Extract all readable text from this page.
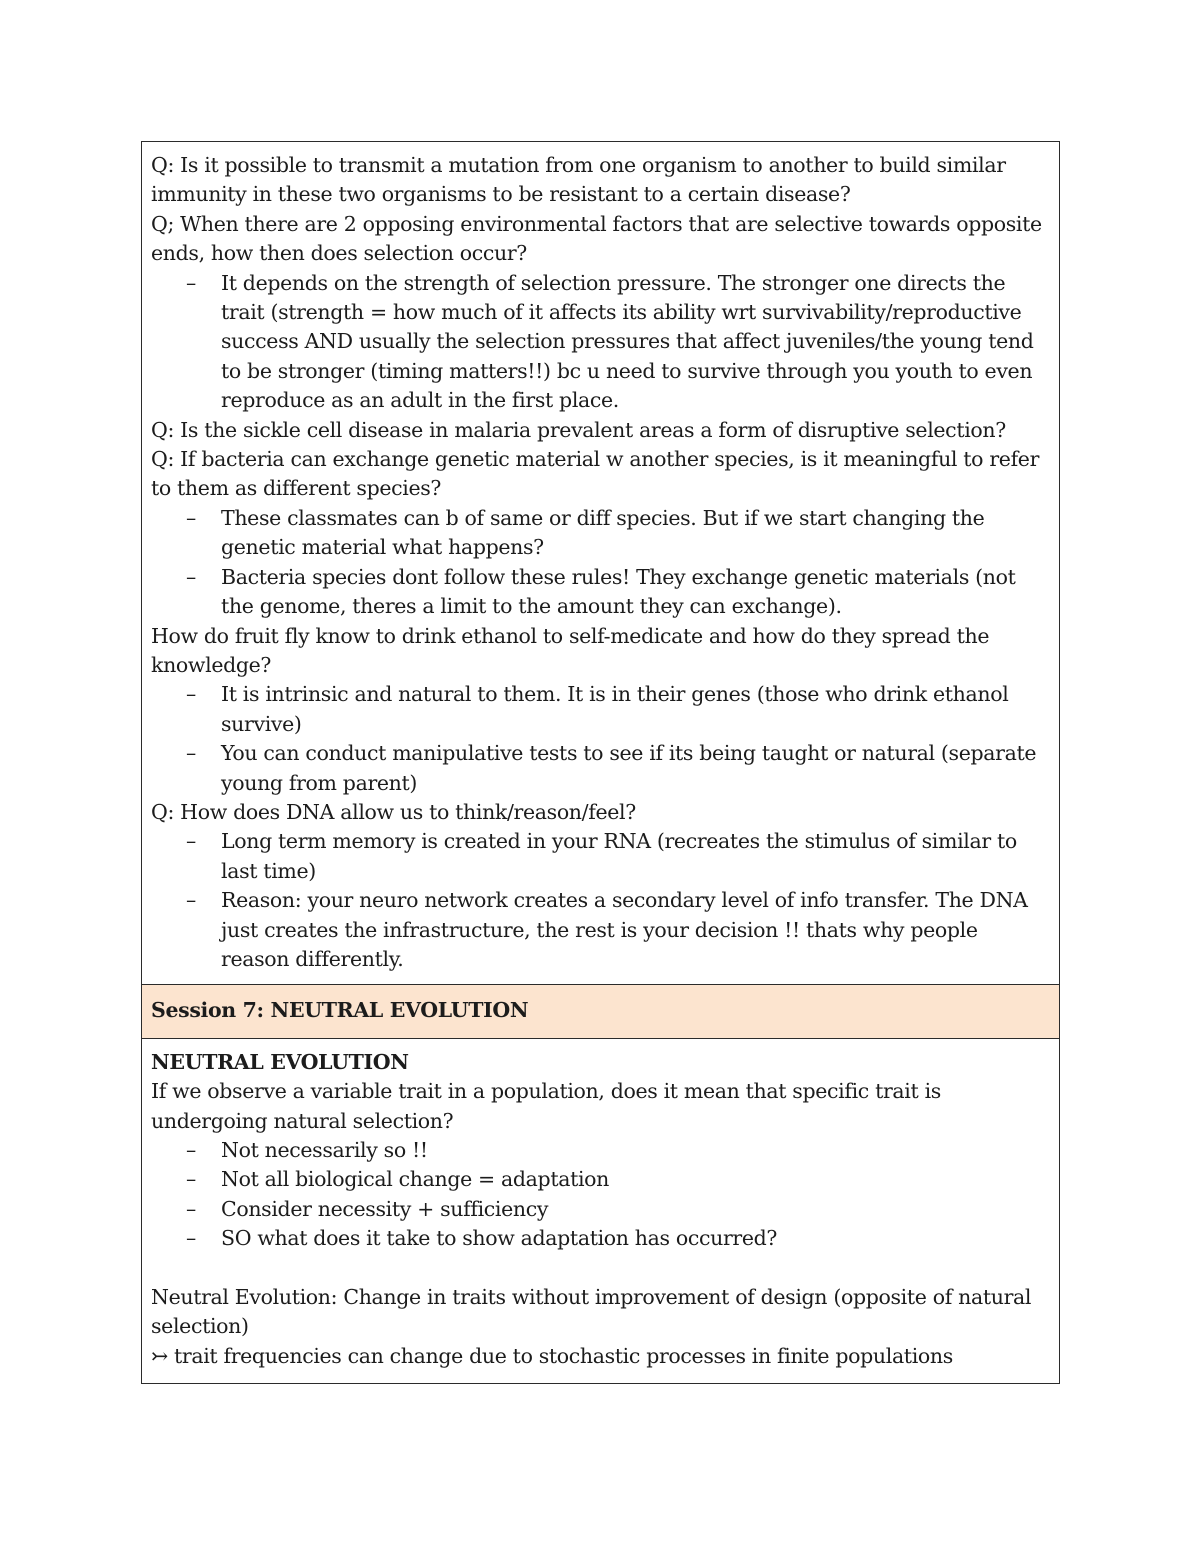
Q: Is it possible to transmit a mutation from one organism to another to build similar immunity in these two organisms to be resistant to a certain disease?
Q; When there are 2 opposing environmental factors that are selective towards opposite ends, how then does selection occur?
– It depends on the strength of selection pressure. The stronger one directs the trait (strength = how much of it affects its ability wrt survivability/reproductive success AND usually the selection pressures that affect juveniles/the young tend to be stronger (timing matters!!) bc u need to survive through you youth to even reproduce as an adult in the first place.
Q: Is the sickle cell disease in malaria prevalent areas a form of disruptive selection?
Q: If bacteria can exchange genetic material w another species, is it meaningful to refer to them as different species?
– These classmates can b of same or diff species. But if we start changing the genetic material what happens?
– Bacteria species dont follow these rules! They exchange genetic materials (not the genome, theres a limit to the amount they can exchange).
How do fruit fly know to drink ethanol to self-medicate and how do they spread the knowledge?
– It is intrinsic and natural to them. It is in their genes (those who drink ethanol survive)
– You can conduct manipulative tests to see if its being taught or natural (separate young from parent)
Q: How does DNA allow us to think/reason/feel?
– Long term memory is created in your RNA (recreates the stimulus of similar to last time)
– Reason: your neuro network creates a secondary level of info transfer. The DNA just creates the infrastructure, the rest is your decision !! thats why people reason differently.
Session 7: NEUTRAL EVOLUTION
NEUTRAL EVOLUTION
If we observe a variable trait in a population, does it mean that specific trait is undergoing natural selection?
– Not necessarily so !!
– Not all biological change = adaptation
– Consider necessity + sufficiency
– SO what does it take to show adaptation has occurred?
Neutral Evolution: Change in traits without improvement of design (opposite of natural selection)
↣ trait frequencies can change due to stochastic processes in finite populations
